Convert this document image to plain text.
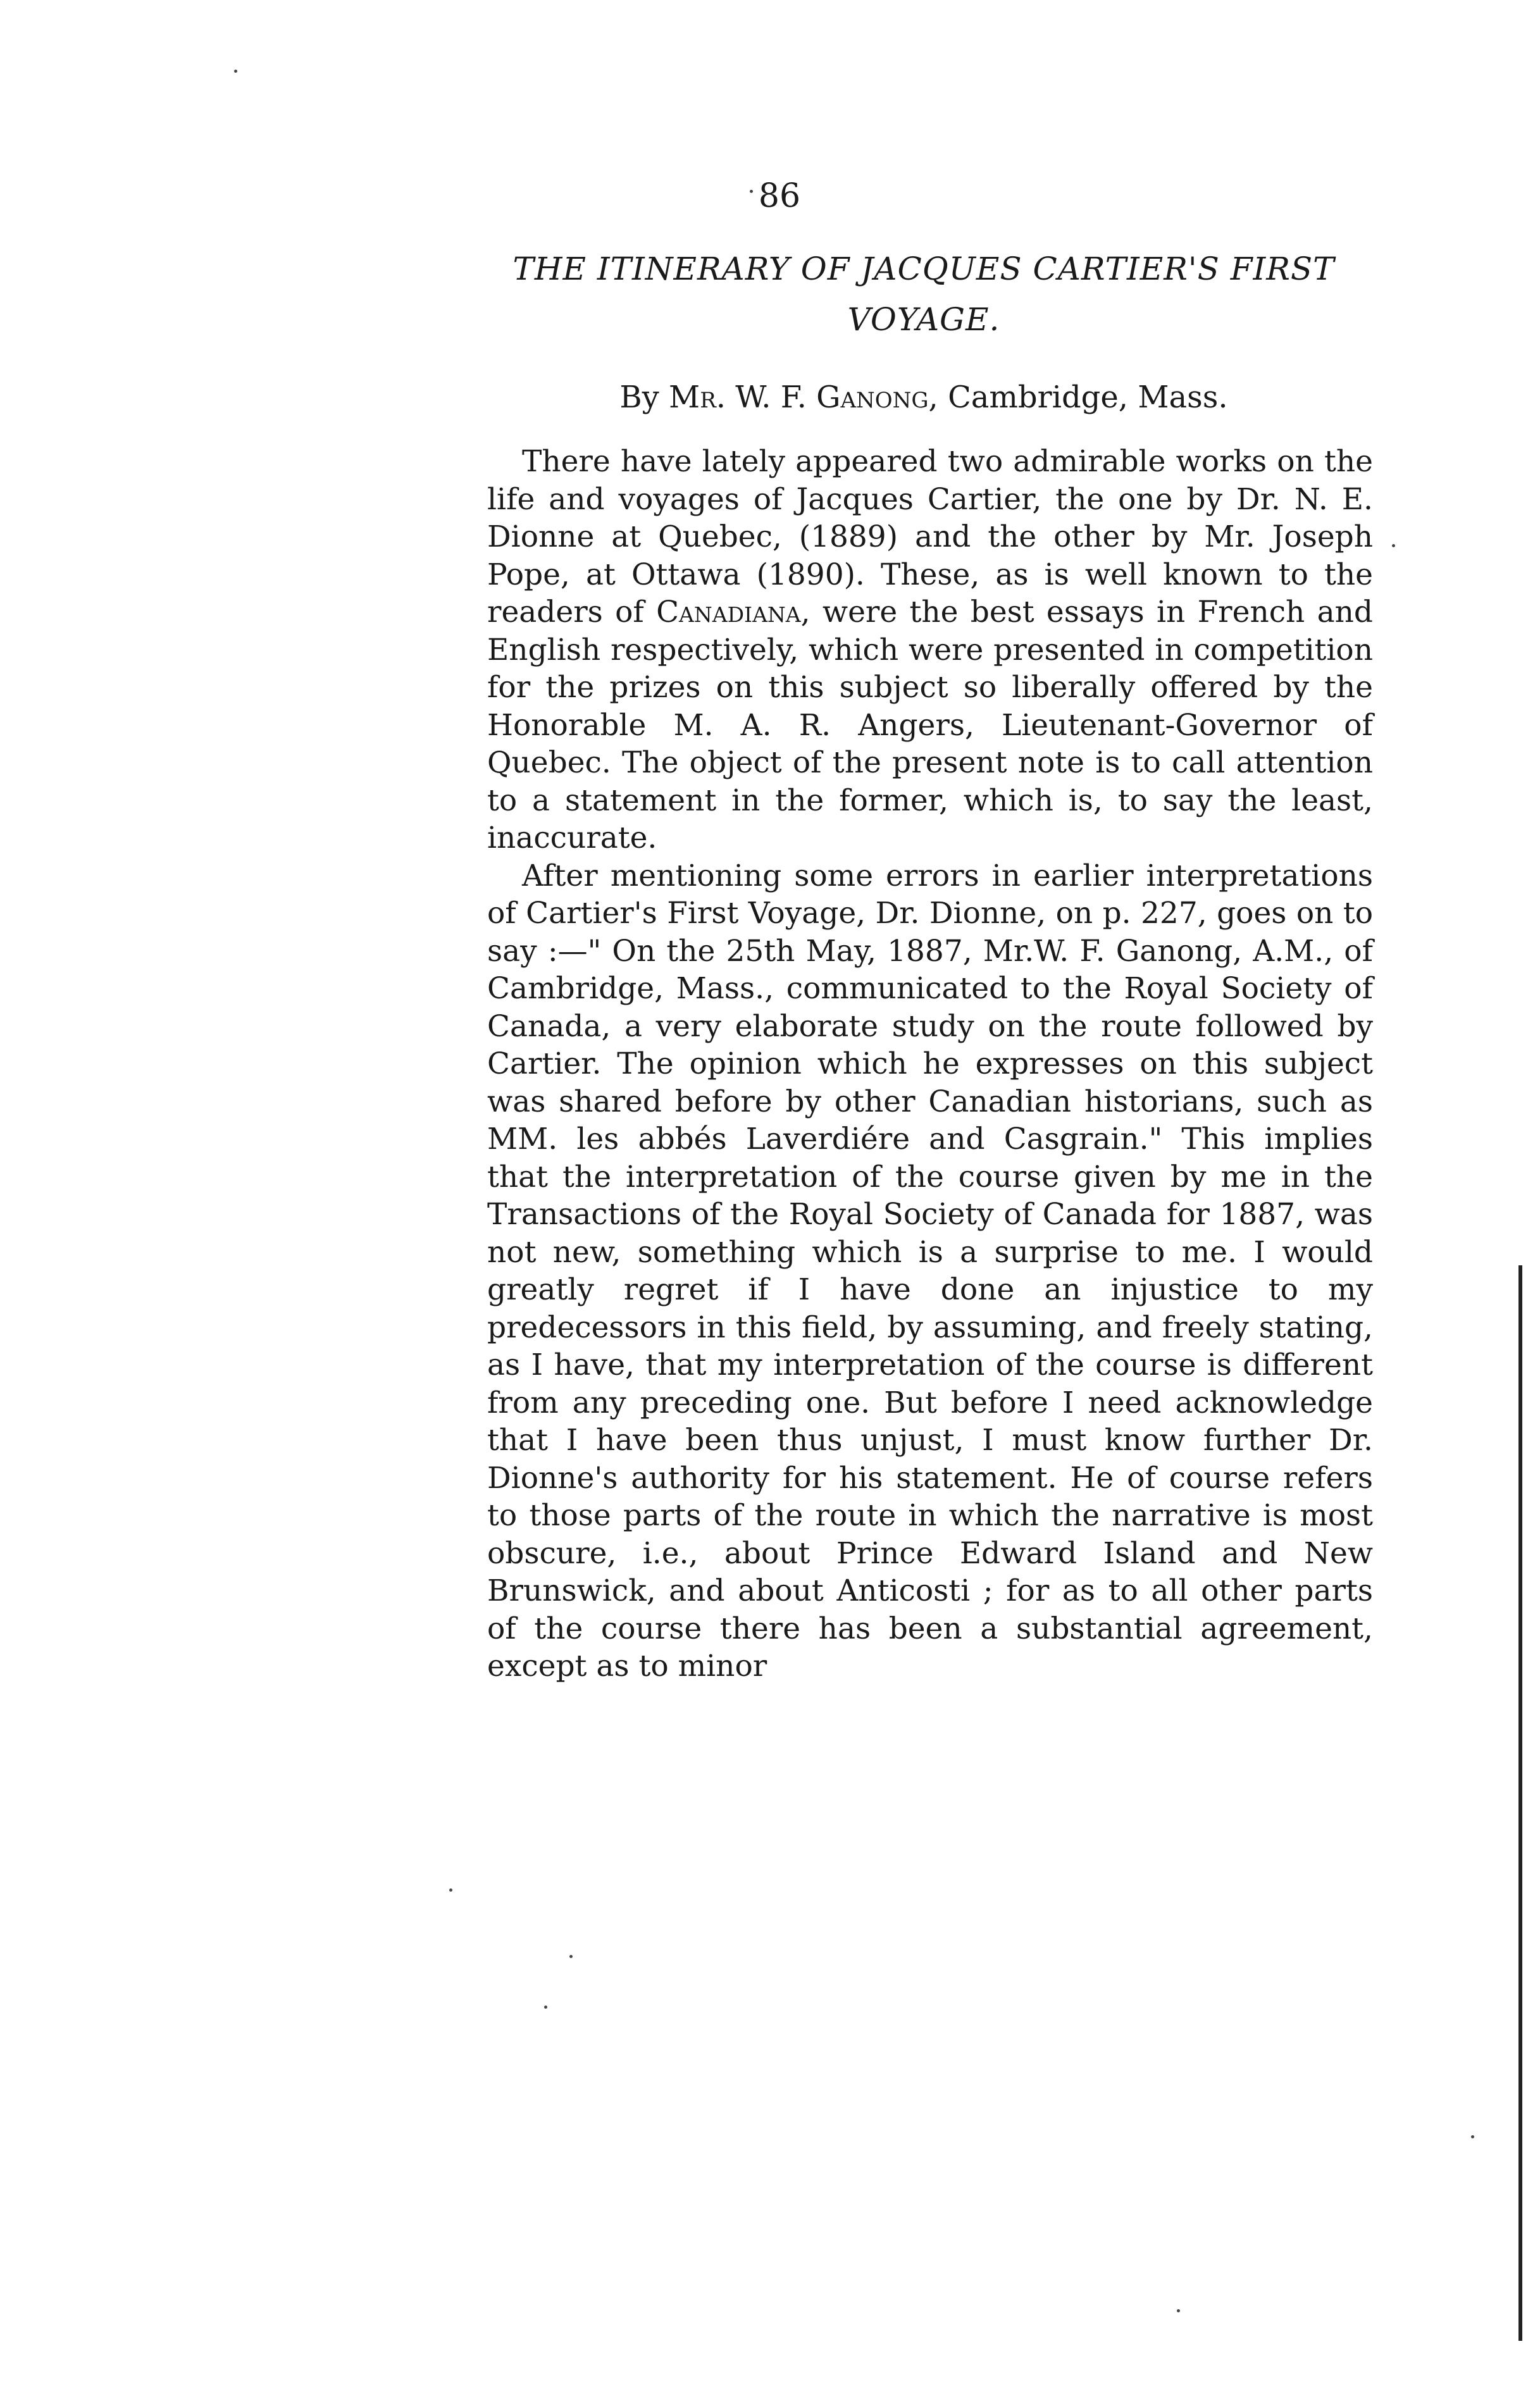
86
THE ITINERARY OF JACQUES CARTIER'S FIRST VOYAGE.
By Mr. W. F. Ganong, Cambridge, Mass.

There have lately appeared two admirable works on the life and voyages of Jacques Cartier, the one by Dr. N. E. Dionne at Quebec, (1889) and the other by Mr. Joseph Pope, at Ottawa (1890). These, as is well known to the readers of Canadiana, were the best essays in French and English respectively, which were presented in competition for the prizes on this subject so liberally offered by the Honorable M. A. R. Angers, Lieutenant-Governor of Quebec. The object of the present note is to call attention to a statement in the former, which is, to say the least, inaccurate.

After mentioning some errors in earlier interpretations of Cartier's First Voyage, Dr. Dionne, on p. 227, goes on to say :—" On the 25th May, 1887, Mr.W. F. Ganong, A.M., of Cambridge, Mass., communicated to the Royal Society of Canada, a very elaborate study on the route followed by Cartier. The opinion which he expresses on this subject was shared before by other Canadian historians, such as MM. les abbés Laverdiére and Casgrain." This implies that the interpretation of the course given by me in the Transactions of the Royal Society of Canada for 1887, was not new, something which is a surprise to me. I would greatly regret if I have done an injustice to my predecessors in this field, by assuming, and freely stating, as I have, that my interpretation of the course is different from any preceding one. But before I need acknowledge that I have been thus unjust, I must know further Dr. Dionne's authority for his statement. He of course refers to those parts of the route in which the narrative is most obscure, i.e., about Prince Edward Island and New Brunswick, and about Anticosti ; for as to all other parts of the course there has been a substantial agreement, except as to minor
